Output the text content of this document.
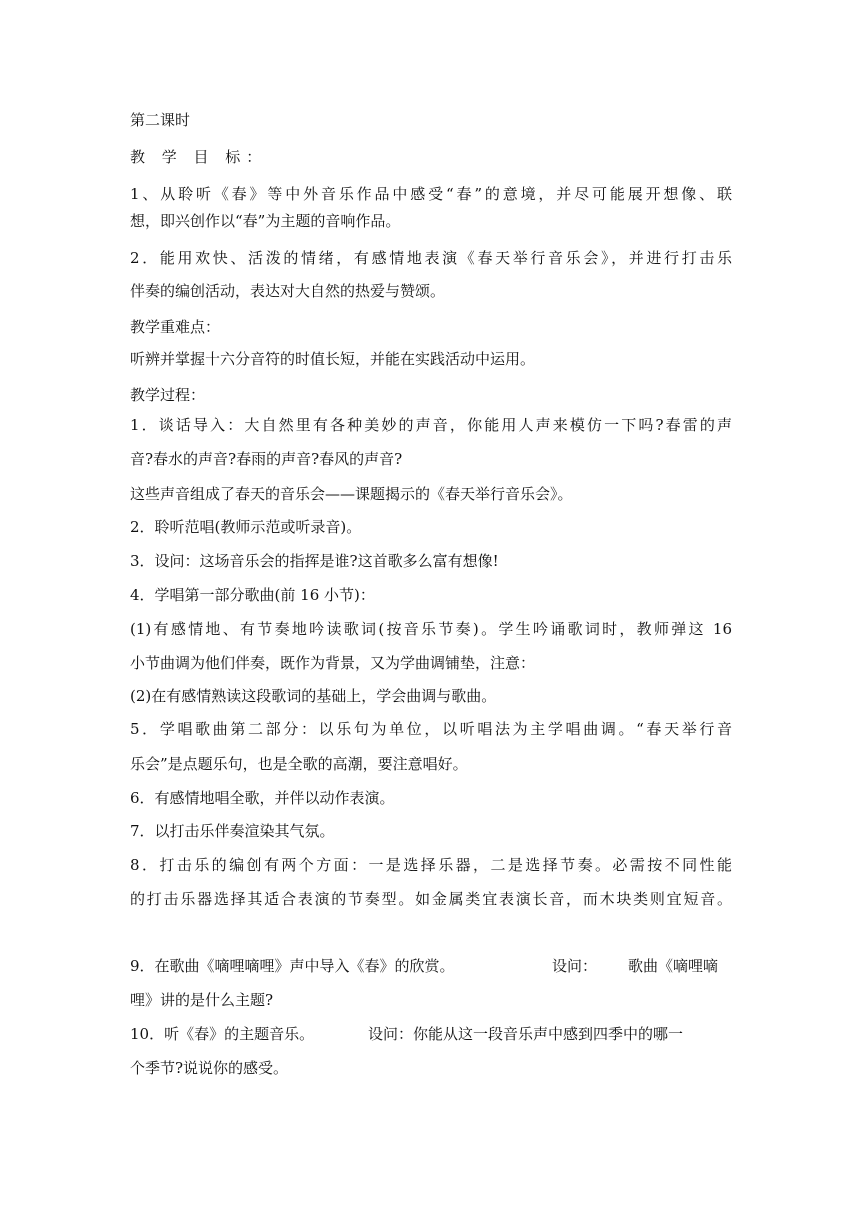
第二课时
教 学 目 标：
1、从聆听《春》等中外音乐作品中感受“春”的意境，并尽可能展开想像、联
想，即兴创作以“春”为主题的音响作品。
2．能用欢快、活泼的情绪，有感情地表演《春天举行音乐会》，并进行打击乐
伴奏的编创活动，表达对大自然的热爱与赞颂。
教学重难点：
听辨并掌握十六分音符的时值长短，并能在实践活动中运用。
教学过程：
1．谈话导入：大自然里有各种美妙的声音，你能用人声来模仿一下吗?春雷的声
音?春水的声音?春雨的声音?春风的声音?
这些声音组成了春天的音乐会——课题揭示的《春天举行音乐会》。
2．聆听范唱(教师示范或听录音)。
3．设问：这场音乐会的指挥是谁?这首歌多么富有想像!
4．学唱第一部分歌曲(前 16 小节)：
(1)有感情地、有节奏地吟读歌词(按音乐节奏)。学生吟诵歌词时，教师弹这 16
小节曲调为他们伴奏，既作为背景，又为学曲调铺垫，注意：
(2)在有感情熟读这段歌词的基础上，学会曲调与歌曲。
5．学唱歌曲第二部分：以乐句为单位，以听唱法为主学唱曲调。“春天举行音
乐会”是点题乐句，也是全歌的高潮，要注意唱好。
6．有感情地唱全歌，并伴以动作表演。
7．以打击乐伴奏渲染其气氛。
8．打击乐的编创有两个方面：一是选择乐器，二是选择节奏。必需按不同性能
的打击乐器选择其适合表演的节奏型。如金属类宜表演长音，而木块类则宜短音。
9．在歌曲《嘀哩嘀哩》声中导入《春》的欣赏。	设问： 歌曲《嘀哩嘀
哩》讲的是什么主题?
10．听《春》的主题音乐。	设问：你能从这一段音乐声中感到四季中的哪一
个季节?说说你的感受。
